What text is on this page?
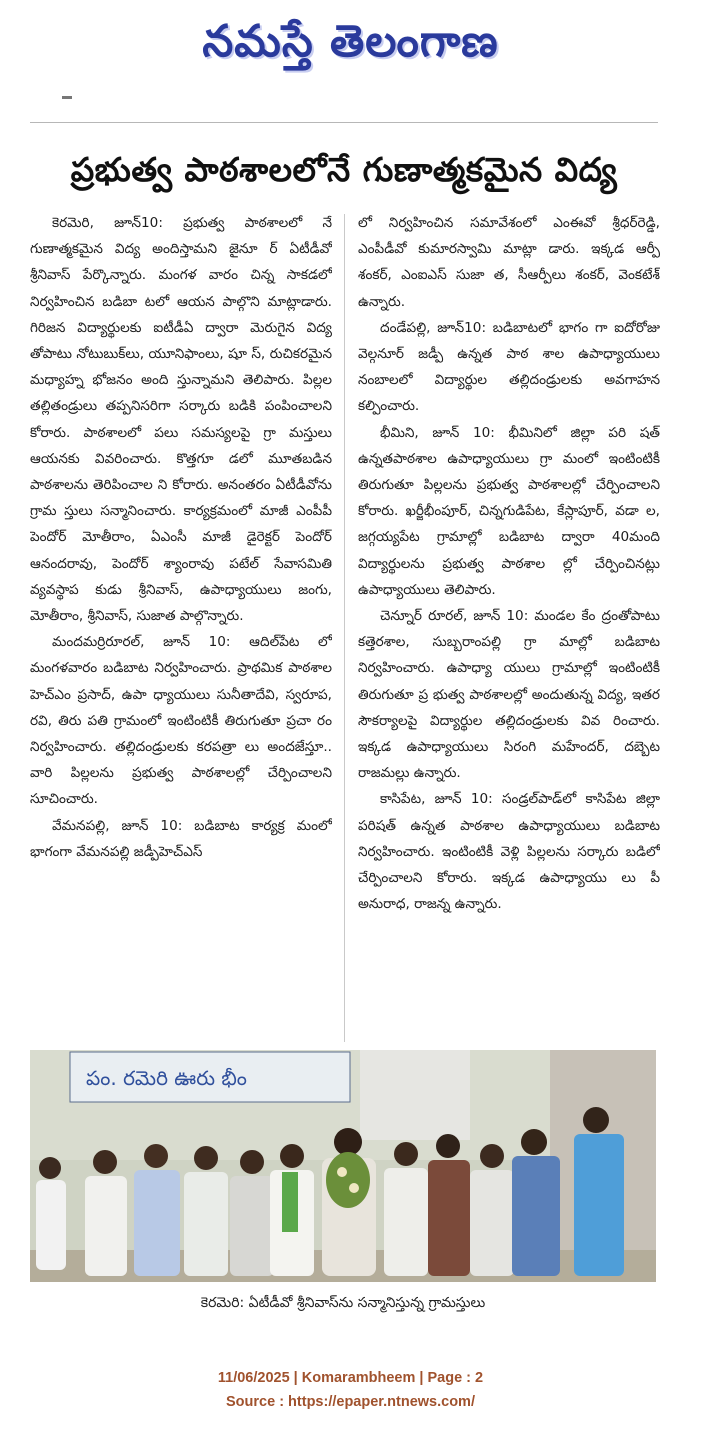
నమస్తే తెలంగాణ
ప్రభుత్వ పాఠశాలలోనే గుణాత్మకమైన విద్య

కెరమెరి, జూన్10: ప్రభుత్వ పాఠశాలలో నే గుణాత్మకమైన విద్య అందిస్తామని జైనూ ర్ ఏటీడీవో శ్రీనివాస్ పేర్కొన్నారు. మంగళ వారం చిన్న సాకడలో నిర్వహించిన బడిబా టలో ఆయన పాల్గొని మాట్లాడారు. గిరిజన విద్యార్థులకు ఐటీడీఏ ద్వారా మెరుగైన విద్య తోపాటు నోటుబుక్‌లు, యూనిఫాంలు, షూ స్, రుచికరమైన మధ్యాహ్న భోజనం అంది స్తున్నామని తెలిపారు. పిల్లల తల్లితండ్రులు తప్పనిసరిగా సర్కారు బడికి పంపించాలని కోరారు. పాఠశాలలో పలు సమస్యలపై గ్రా మస్తులు ఆయనకు వివరించారు. కొత్తగూ డలో మూతబడిన పాఠశాలను తెరిపించాల ని కోరారు. అనంతరం ఏటీడీవోను గ్రామ స్తులు సన్మానించారు. కార్యక్రమంలో మాజీ ఎంపీపీ పెందోర్ మోతీరాం, ఏఎంసీ మాజీ డైరెక్టర్ పెందోర్ ఆనందరావు, పెందోర్ శ్యాంరావు పటేల్ సేవాసమితి వ్యవస్థాప కుడు శ్రీనివాస్, ఉపాధ్యాయులు జంగు, మోతీరాం, శ్రీనివాస్, సుజాత పాల్గొన్నారు.

మందమర్రిరూరల్, జూన్ 10: ఆదిల్‌పేట లో మంగళవారం బడిబాట నిర్వహించారు. ప్రాథమిక పాఠశాల హెచ్‌ఎం ప్రసాద్, ఉపా ధ్యాయులు సునీతాదేవి, స్వరూప, రవి, తిరు పతి గ్రామంలో ఇంటింటికీ తిరుగుతూ ప్రచా రం నిర్వహించారు. తల్లిదండ్రులకు కరపత్రా లు అందజేస్తూ.. వారి పిల్లలను ప్రభుత్వ పాఠశాలల్లో చేర్పించాలని సూచించారు.

వేమనపల్లి, జూన్ 10: బడిబాట కార్యక్ర మంలో భాగంగా వేమనపల్లి జడ్పీహెచ్‌ఎస్

లో నిర్వహించిన సమావేశంలో ఎంఈవో శ్రీధర్‌రెడ్డి, ఎంపీడీవో కుమారస్వామి మాట్లా డారు. ఇక్కడ ఆర్పీ శంకర్, ఎంఐఎస్ సుజా త, సీఆర్పీలు శంకర్, వెంకటేశ్ ఉన్నారు.

దండేపల్లి, జూన్10: బడిబాటలో భాగం గా ఐదోరోజు వెల్గనూర్ జడ్పీ ఉన్నత పాఠ శాల ఉపాధ్యాయులు నంబాలలో విద్యార్థుల తల్లిదండ్రులకు అవగాహన కల్పించారు.

భీమిని, జూన్ 10: భీమినిలో జిల్లా పరి షత్ ఉన్నతపాఠశాల ఉపాధ్యాయులు గ్రా మంలో ఇంటింటికీ తిరుగుతూ పిల్లలను ప్రభుత్వ పాఠశాలల్లో చేర్పించాలని కోరారు. ఖర్జీభీంపూర్, చిన్నగుడిపేట, కేస్లాపూర్, వడా ల, జగ్గయ్యపేట గ్రామాల్లో బడిబాట ద్వారా 40మంది విద్యార్థులను ప్రభుత్వ పాఠశాల ల్లో చేర్పించినట్లు ఉపాధ్యాయులు తెలిపారు.

చెన్నూర్ రూరల్, జూన్ 10: మండల కేం ద్రంతోపాటు కత్తెరశాల, సుబ్బరాంపల్లి గ్రా మాల్లో బడిబాట నిర్వహించారు. ఉపాధ్యా యులు గ్రామాల్లో ఇంటింటికీ తిరుగుతూ ప్ర భుత్వ పాఠశాలల్లో అందుతున్న విద్య, ఇతర సౌకర్యాలపై విద్యార్థుల తల్లిదండ్రులకు వివ రించారు. ఇక్కడ ఉపాధ్యాయులు సిరంగి మహేందర్, దబ్బెట రాజమల్లు ఉన్నారు.

కాసిపేట, జూన్ 10: సండ్రల్‌పాడ్‌లో కాసిపేట జిల్లా పరిషత్ ఉన్నత పాఠశాల ఉపాధ్యాయులు బడిబాట నిర్వహించారు. ఇంటింటికీ వెళ్లి పిల్లలను సర్కారు బడిలో చేర్పించాలని కోరారు. ఇక్కడ ఉపాధ్యాయు లు పీ అనురాధ, రాజన్న ఉన్నారు.

పం. రమెరి ఊరు భీం
కెరమెరి: ఏటీడీవో శ్రీనివాస్‌ను సన్మానిస్తున్న గ్రామస్తులు
11/06/2025 | Komarambheem | Page : 2
Source : https://epaper.ntnews.com/
